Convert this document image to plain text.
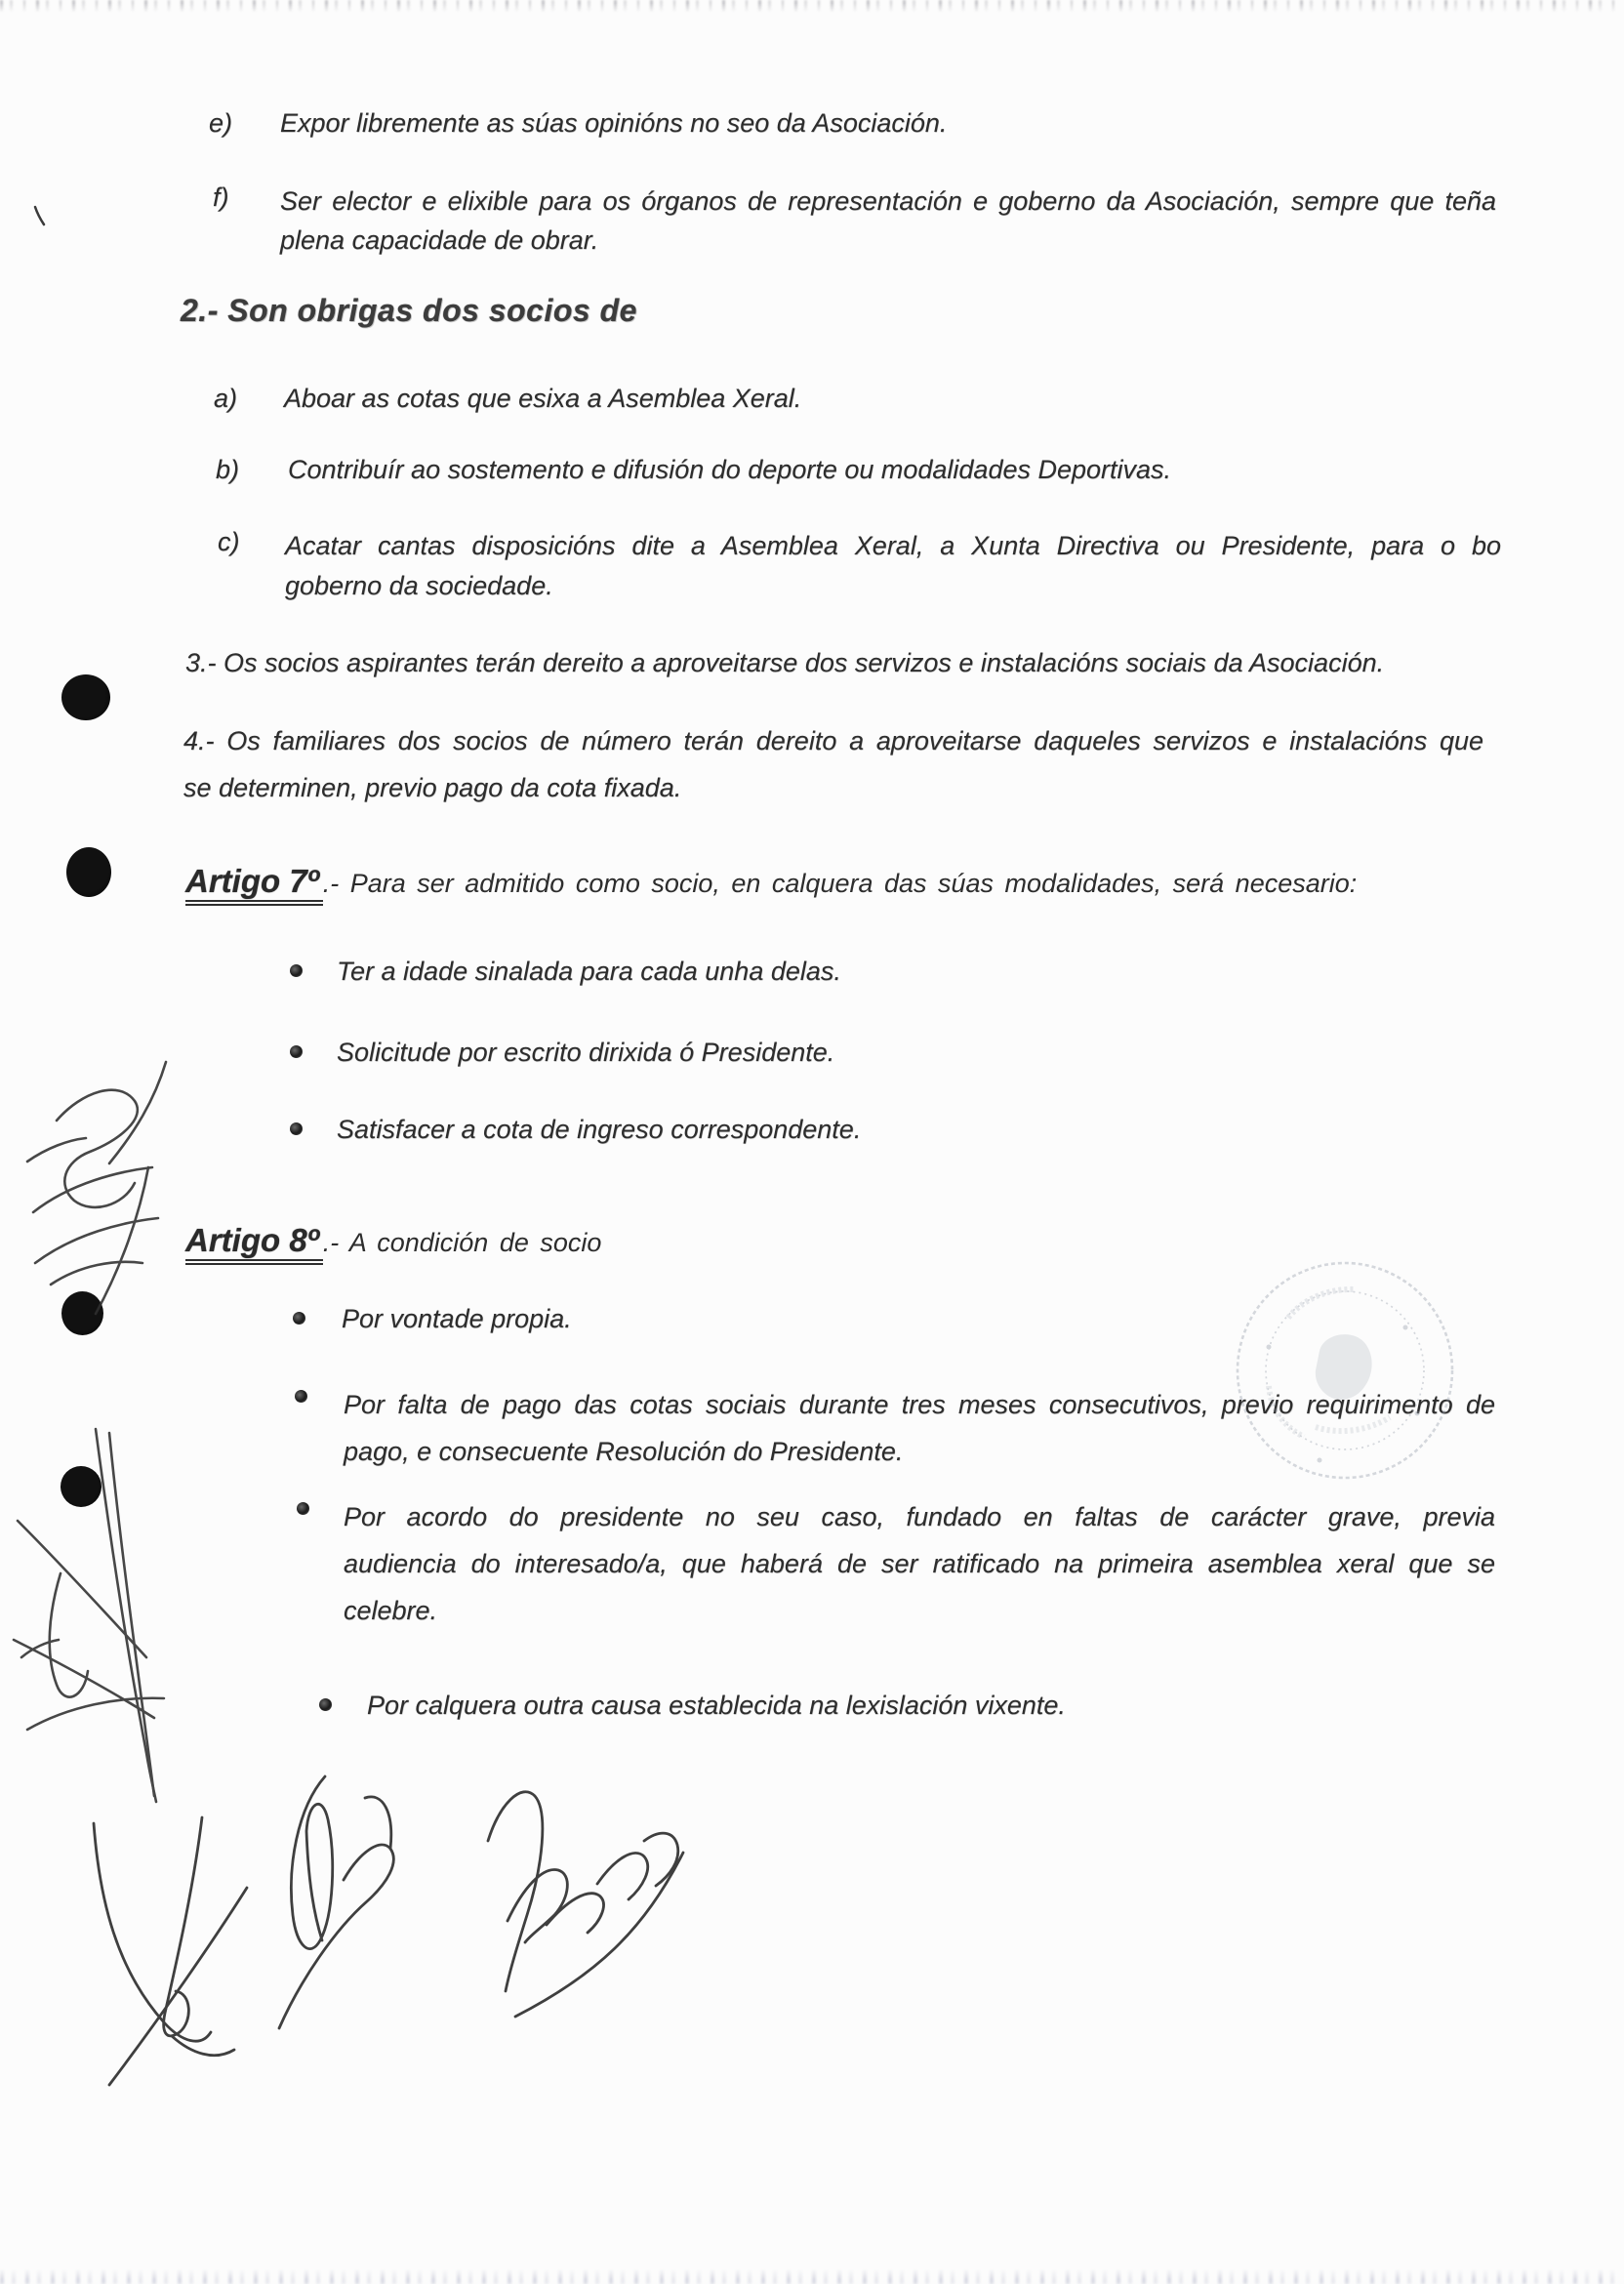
e)	Expor libremente as súas opinións no seo da Asociación.
f)	Ser elector e elixible para os órganos de representación e goberno da Asociación, sempre que teña
plena capacidade de obrar.
2.- Son obrigas dos socios de
a)	Aboar as cotas que esixa a Asemblea Xeral.
b)	Contribuír ao sostemento e difusión do deporte ou modalidades Deportivas.
c)	Acatar cantas disposicións dite a Asemblea Xeral, a Xunta Directiva ou Presidente, para o bo
goberno da sociedade.
3.- Os socios aspirantes terán dereito a aproveitarse dos servizos e instalacións sociais da Asociación.
4.- Os familiares dos socios de número terán dereito a aproveitarse daqueles servizos e instalacións que
se determinen, previo pago da cota fixada.
Artigo 7º .- Para ser admitido como socio, en calquera das súas modalidades, será necesario:
Ter a idade sinalada para cada unha delas.
Solicitude por escrito dirixida ó Presidente.
Satisfacer a cota de ingreso correspondente.
Artigo 8º .- A condición de socio
Por vontade propia.
Por falta de pago das cotas sociais durante tres meses consecutivos, previo requirimento de
pago, e consecuente Resolución do Presidente.
Por acordo do presidente no seu caso, fundado en faltas de carácter grave, previa
audiencia do interesado/a, que haberá de ser ratificado na primeira asemblea xeral que se
celebre.
Por calquera outra causa establecida na lexislación vixente.
